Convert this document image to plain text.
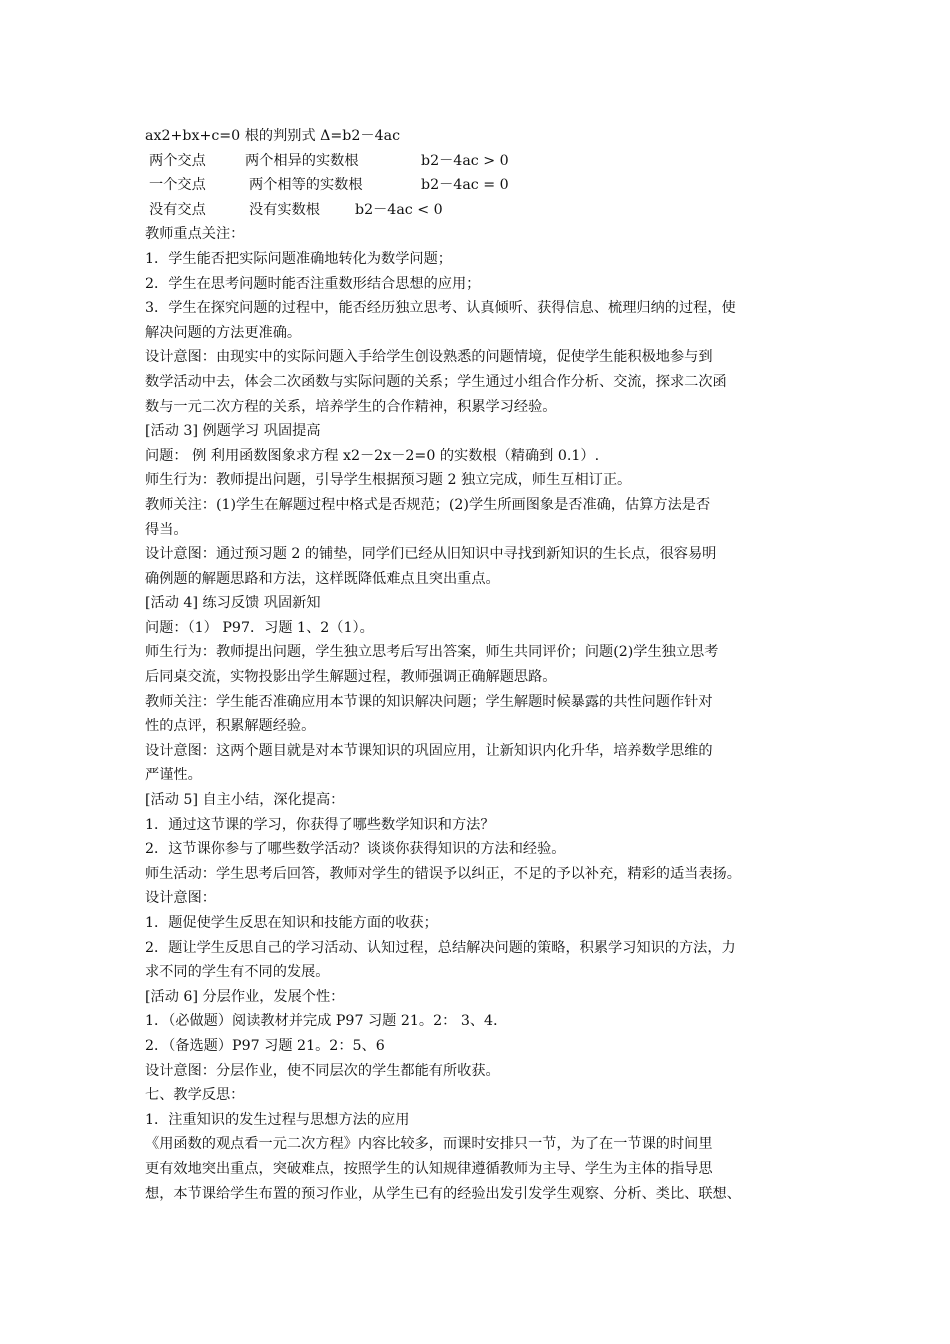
ax2+bx+c=0 根的判别式 Δ=b2－4ac
两个交点	两个相异的实数根	b2－4ac > 0
一个交点	两个相等的实数根	b2－4ac = 0
没有交点	没有实数根 b2－4ac < 0
教师重点关注：
1．学生能否把实际问题准确地转化为数学问题；
2．学生在思考问题时能否注重数形结合思想的应用；
3．学生在探究问题的过程中，能否经历独立思考、认真倾听、获得信息、梳理归纳的过程，使
解决问题的方法更准确。
设计意图：由现实中的实际问题入手给学生创设熟悉的问题情境，促使学生能积极地参与到
数学活动中去，体会二次函数与实际问题的关系；学生通过小组合作分析、交流，探求二次函
数与一元二次方程的关系，培养学生的合作精神，积累学习经验。
[活动 3] 例题学习 巩固提高
问题： 例 利用函数图象求方程 x2－2x－2=0 的实数根（精确到 0.1）.
师生行为：教师提出问题，引导学生根据预习题 2 独立完成，师生互相订正。
教师关注：(1)学生在解题过程中格式是否规范；(2)学生所画图象是否准确，估算方法是否
得当。
设计意图：通过预习题 2 的铺垫，同学们已经从旧知识中寻找到新知识的生长点，很容易明
确例题的解题思路和方法，这样既降低难点且突出重点。
[活动 4] 练习反馈 巩固新知
问题：（1） P97．习题 1、2（1）。
师生行为：教师提出问题，学生独立思考后写出答案，师生共同评价；问题(2)学生独立思考
后同桌交流，实物投影出学生解题过程，教师强调正确解题思路。
教师关注：学生能否准确应用本节课的知识解决问题；学生解题时候暴露的共性问题作针对
性的点评，积累解题经验。
设计意图：这两个题目就是对本节课知识的巩固应用，让新知识内化升华，培养数学思维的
严谨性。
[活动 5] 自主小结，深化提高：
1．通过这节课的学习，你获得了哪些数学知识和方法？
2．这节课你参与了哪些数学活动？谈谈你获得知识的方法和经验。
师生活动：学生思考后回答，教师对学生的错误予以纠正，不足的予以补充，精彩的适当表扬。
设计意图：
1．题促使学生反思在知识和技能方面的收获；
2．题让学生反思自己的学习活动、认知过程，总结解决问题的策略，积累学习知识的方法，力
求不同的学生有不同的发展。
[活动 6] 分层作业，发展个性：
1．（必做题）阅读教材并完成 P97 习题 21。2： 3、4．
2．（备选题）P97 习题 21。2：5、6
设计意图：分层作业，使不同层次的学生都能有所收获。
七、教学反思：
1．注重知识的发生过程与思想方法的应用
《用函数的观点看一元二次方程》内容比较多，而课时安排只一节，为了在一节课的时间里
更有效地突出重点，突破难点，按照学生的认知规律遵循教师为主导、学生为主体的指导思
想，本节课给学生布置的预习作业，从学生已有的经验出发引发学生观察、分析、类比、联想、
